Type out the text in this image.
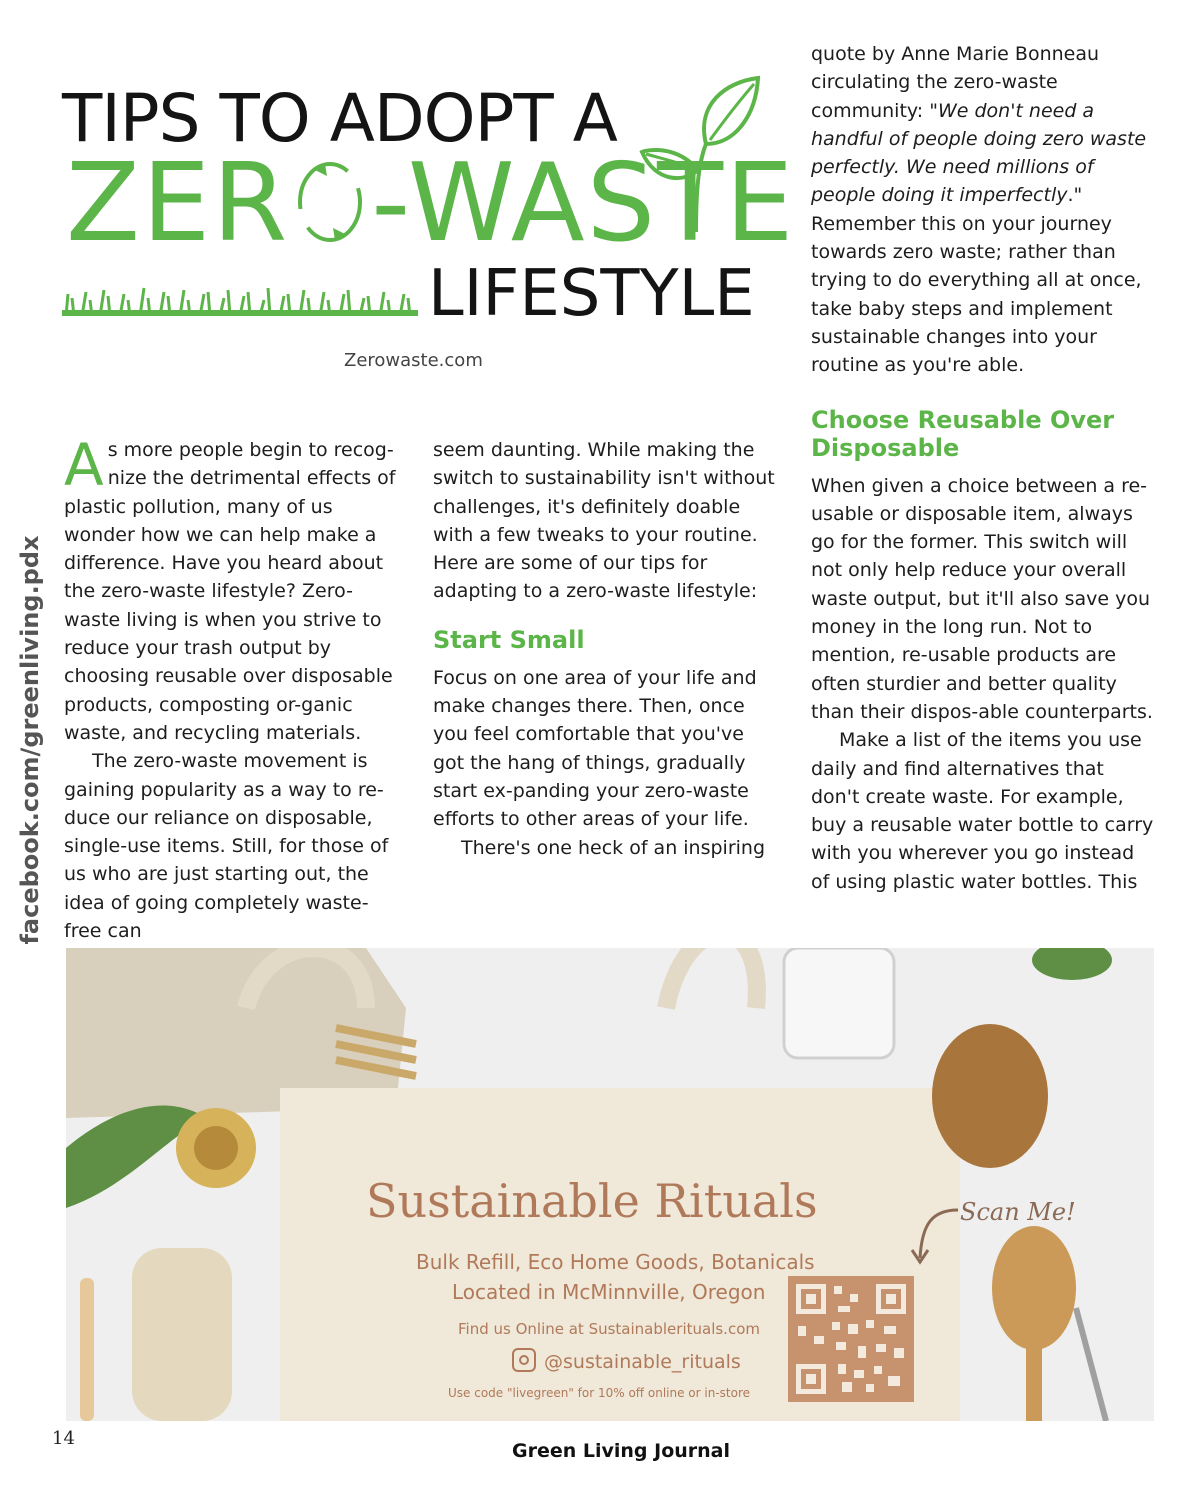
TIPS TO ADOPT A
ZER -WASTE
LIFESTYLE
Zerowaste.com
facebook.com/greenliving.pdx

As more people begin to recog-nize the detrimental effects of plastic pollution, many of us wonder how we can help make a difference. Have you heard about the zero-waste lifestyle? Zero-waste living is when you strive to reduce your trash output by choosing reusable over disposable products, composting or-ganic waste, and recycling materials.

The zero-waste movement is gaining popularity as a way to re-duce our reliance on disposable, single-use items. Still, for those of us who are just starting out, the idea of going completely waste-free can

seem daunting. While making the switch to sustainability isn't without challenges, it's definitely doable with a few tweaks to your routine. Here are some of our tips for adapting to a zero-waste lifestyle:

Start Small

Focus on one area of your life and make changes there. Then, once you feel comfortable that you've got the hang of things, gradually start ex-panding your zero-waste efforts to other areas of your life.

There's one heck of an inspiring

quote by Anne Marie Bonneau circulating the zero-waste community: "We don't need a handful of people doing zero waste perfectly. We need millions of people doing it imperfectly." Remember this on your journey towards zero waste; rather than trying to do everything all at once, take baby steps and implement sustainable changes into your routine as you're able.

Choose Reusable Over Disposable

When given a choice between a re-usable or disposable item, always go for the former. This switch will not only help reduce your overall waste output, but it'll also save you money in the long run. Not to mention, re-usable products are often sturdier and better quality than their dispos-able counterparts.

Make a list of the items you use daily and find alternatives that don't create waste. For example, buy a reusable water bottle to carry with you wherever you go instead of using plastic water bottles. This

Sustainable Rituals
Bulk Refill, Eco Home Goods, Botanicals
Located in McMinnville, Oregon
Find us Online at Sustainablerituals.com
@sustainable_rituals
Use code "livegreen" for 10% off online or in-store
Scan Me!
14
Green Living Journal
